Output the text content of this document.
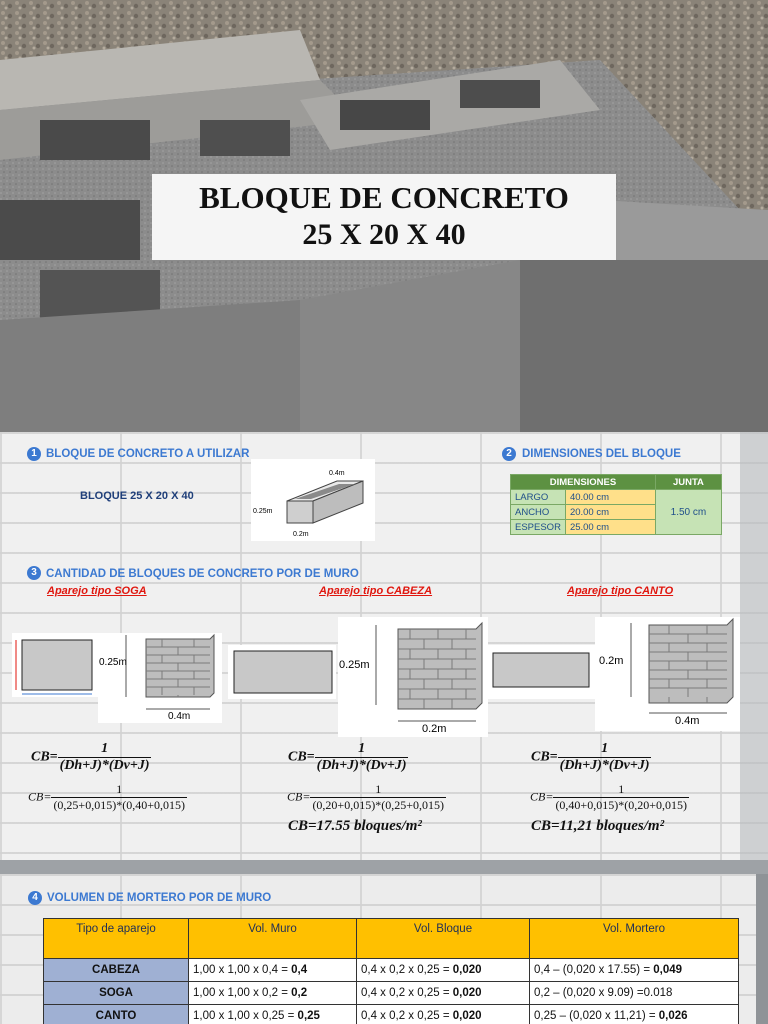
BLOQUE DE CONCRETO
25 X 20 X 40
1 BLOQUE DE CONCRETO A UTILIZAR
BLOQUE 25 X 20 X 40
0.4m
0.25m
0.2m
2 DIMENSIONES DEL BLOQUE
DIMENSIONES		JUNTA
LARGO	40.00 cm	1.50 cm
ANCHO	20.00 cm	
ESPESOR	25.00 cm	
3 CANTIDAD DE BLOQUES DE CONCRETO POR DE MURO
Aparejo tipo SOGA	Aparejo tipo CABEZA	Aparejo tipo CANTO
0.25m
0.4m
0.25m
0.2m
0.2m
0.4m
$CB= \frac{1}{(Dh+J)*(Dv+J)}$
$CB= \frac{1}{(0,25+0,015)*(0,40+0,015)}$
$CB= \frac{1}{(Dh+J)*(Dv+J)}$
$CB= \frac{1}{(0,20+0,015)*(0,25+0,015)}$
CB=17.55 bloques/m²
$CB= \frac{1}{(Dh+J)*(Dv+J)}$
$CB= \frac{1}{(0,40+0,015)*(0,20+0,015)}$
CB=11,21 bloques/m²
4 VOLUMEN DE MORTERO POR DE MURO
Tipo de aparejo	Vol. Muro	Vol. Bloque	Vol. Mortero
CABEZA	1,00 x 1,00 x 0,4 = 0,4	0,4 x 0,2 x 0,25 = 0,020	0,4 – (0,020 x 17.55) = 0,049
SOGA	1,00 x 1,00 x 0,2 = 0,2	0,4 x 0,2 x 0,25 = 0,020	0,2 – (0,020 x 9.09) =0.018
CANTO	1,00 x 1,00 x 0,25 = 0,25	0,4 x 0,2 x 0,25 = 0,020	0,25 – (0,020 x 11,21) = 0,026
